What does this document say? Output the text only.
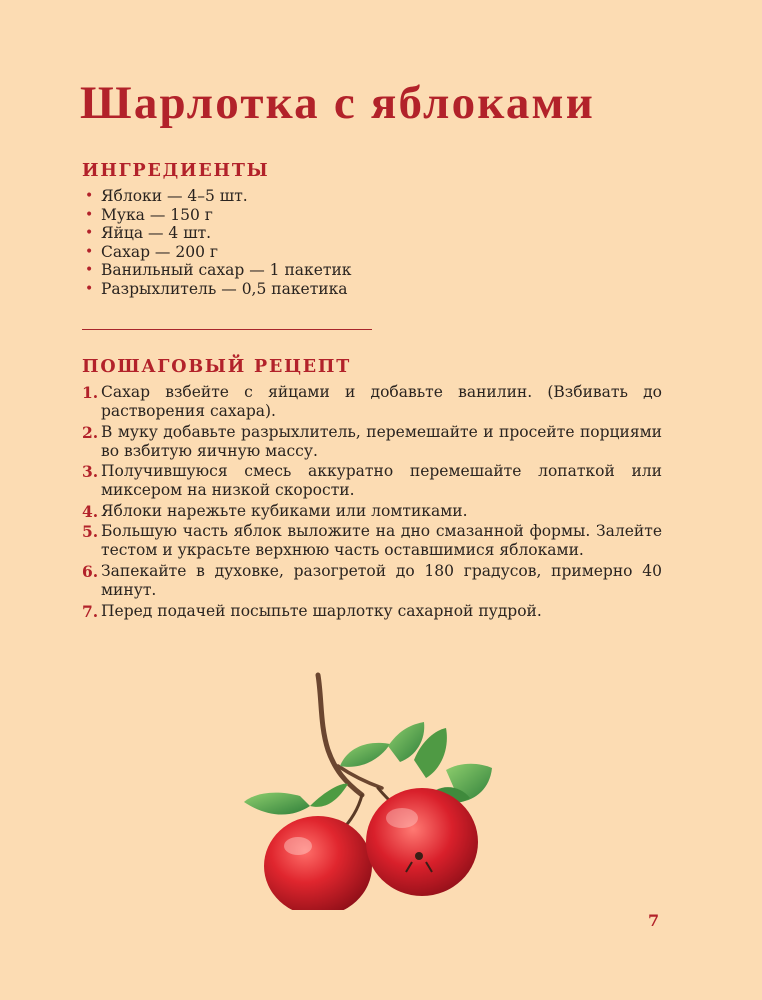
Шарлотка с яблоками
ИНГРЕДИЕНТЫ
• Яблоки — 4–5 шт.
• Мука — 150 г
• Яйца — 4 шт.
• Сахар — 200 г
• Ванильный сахар — 1 пакетик
• Разрыхлитель — 0,5 пакетика
ПОШАГОВЫЙ РЕЦЕПТ
1. Сахар взбейте с яйцами и добавьте ванилин. (Взбивать до растворения сахара).
2. В муку добавьте разрыхлитель, перемешайте и просейте порциями во взбитую яичную массу.
3. Получившуюся смесь аккуратно перемешайте лопаткой или миксером на низкой скорости.
4. Яблоки нарежьте кубиками или ломтиками.
5. Большую часть яблок выложите на дно смазанной формы. Залейте тестом и украсьте верхнюю часть оставшимися яблоками.
6. Запекайте в духовке, разогретой до 180 градусов, примерно 40 минут.
7. Перед подачей посыпьте шарлотку сахарной пудрой.
7
